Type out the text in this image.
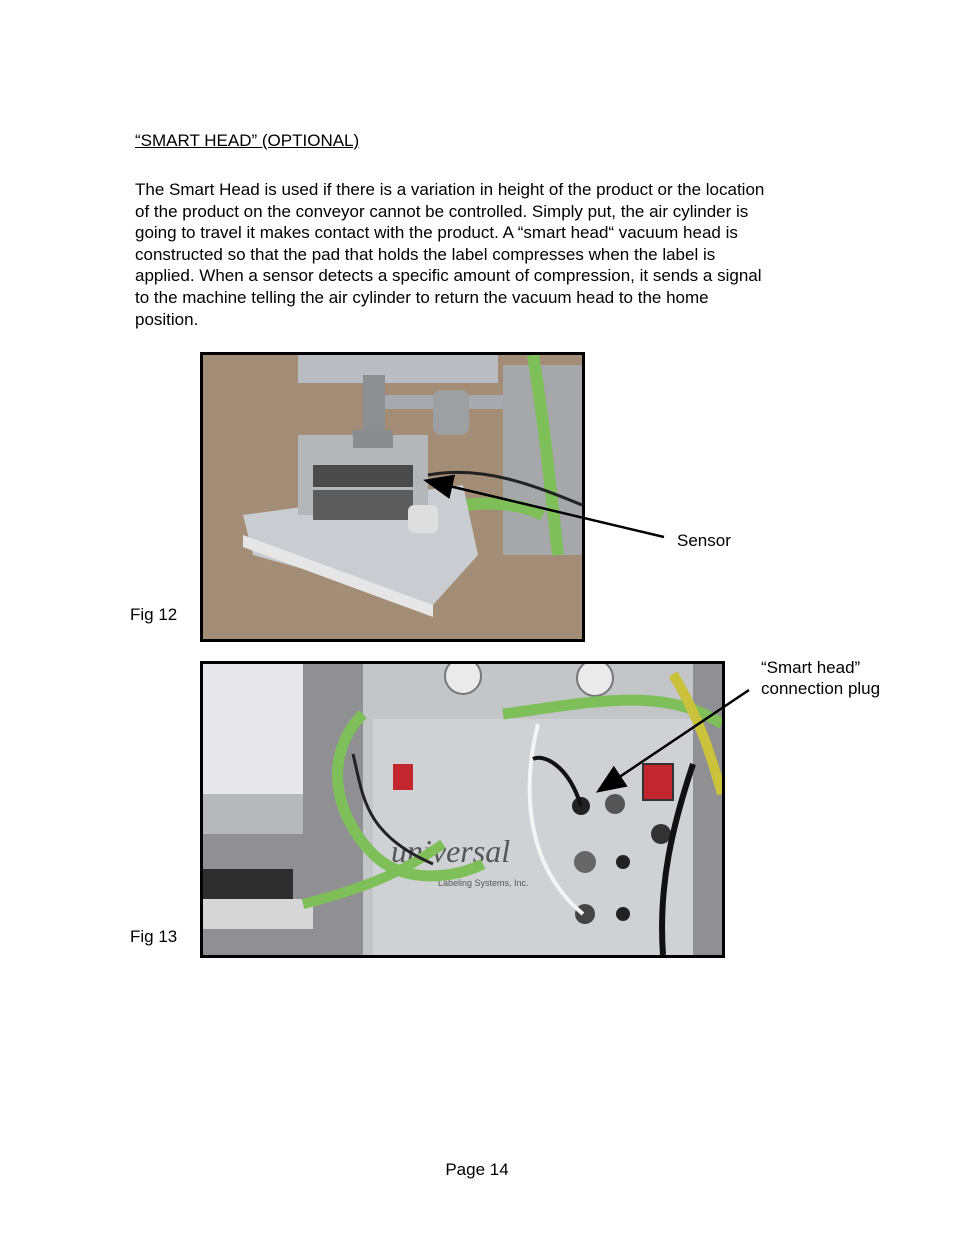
“SMART HEAD” (OPTIONAL)
The Smart Head is used if there is a variation in height of the product or the location
of the product on the conveyor cannot be controlled. Simply put, the air cylinder is
going to travel it makes contact with the product. A “smart head“ vacuum head is
constructed so that the pad that holds the label compresses when the label is
applied. When a sensor detects a specific amount of compression, it sends a signal
to the machine telling the air cylinder to return the vacuum head to the home
position.
Fig 12
Sensor
universal
Labeling Systems, Inc.
Fig 13
“Smart head”
connection plug
Page 14
